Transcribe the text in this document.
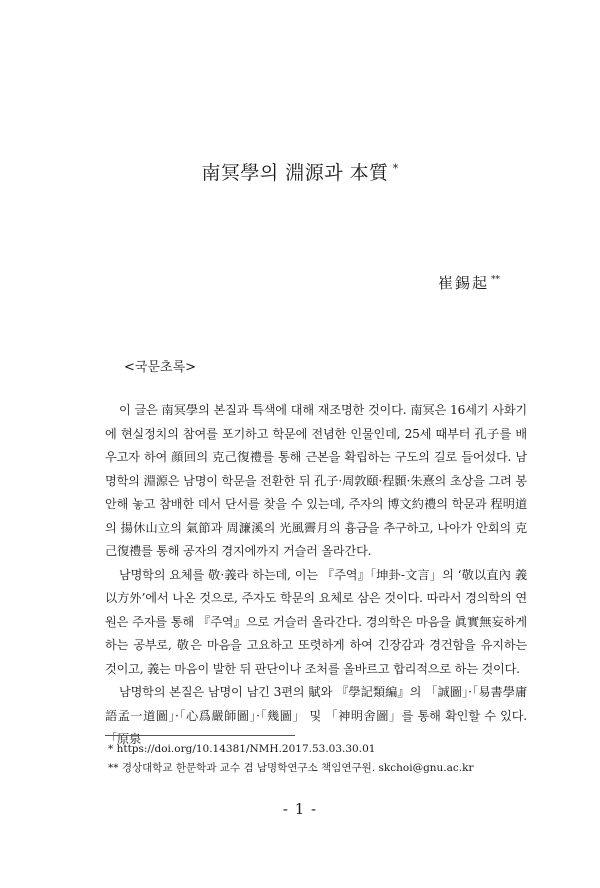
南冥學의 淵源과 本質 *
崔錫起 **
<국문초록>

이 글은 南冥學의 본질과 특색에 대해 재조명한 것이다. 南冥은 16세기 사화기에 현실정치의 참여를 포기하고 학문에 전념한 인물인데, 25세 때부터 孔子를 배우고자 하여 顔回의 克己復禮를 통해 근본을 확립하는 구도의 길로 들어섰다. 남명학의 淵源은 남명이 학문을 전환한 뒤 孔子·周敦頤·程顥·朱熹의 초상을 그려 봉안해 놓고 참배한 데서 단서를 찾을 수 있는데, 주자의 博文約禮의 학문과 程明道의 揚休山立의 氣節과 周濂溪의 光風霽月의 흉금을 추구하고, 나아가 안회의 克己復禮를 통해 공자의 경지에까지 거슬러 올라간다.

남명학의 요체를 敬·義라 하는데, 이는 『주역』「坤卦-文言」의 ‘敬以直內 義以方外’에서 나온 것으로, 주자도 학문의 요체로 삼은 것이다. 따라서 경의학의 연원은 주자를 통해 『주역』으로 거슬러 올라간다. 경의학은 마음을 眞實無妄하게 하는 공부로, 敬은 마음을 고요하고 또렷하게 하여 긴장감과 경건함을 유지하는 것이고, 義는 마음이 발한 뒤 판단이나 조처를 올바르고 합리적으로 하는 것이다.

남명학의 본질은 남명이 남긴 3편의 賦와 『學記類編』의 「誠圖」·「易書學庸語孟一道圖」·「心爲嚴師圖」·「幾圖」 및 「神明舍圖」를 통해 확인할 수 있다. 「原泉

* https://doi.org/10.14381/NMH.2017.53.03.30.01
** 경상대학교 한문학과 교수 겸 남명학연구소 책임연구원. skchoi@gnu.ac.kr
- 1 -
